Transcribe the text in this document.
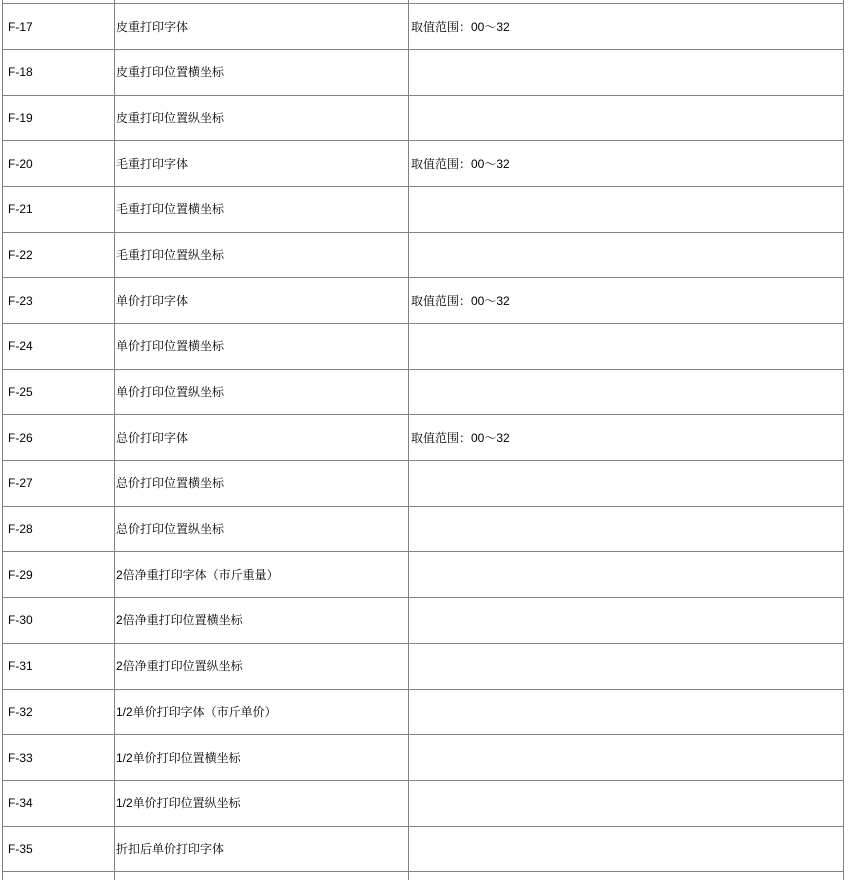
F-17	皮重打印字体	取值范围：00～32
F-18	皮重打印位置横坐标	
F-19	皮重打印位置纵坐标	
F-20	毛重打印字体	取值范围：00～32
F-21	毛重打印位置横坐标	
F-22	毛重打印位置纵坐标	
F-23	单价打印字体	取值范围：00～32
F-24	单价打印位置横坐标	
F-25	单价打印位置纵坐标	
F-26	总价打印字体	取值范围：00～32
F-27	总价打印位置横坐标	
F-28	总价打印位置纵坐标	
F-29	2倍净重打印字体（市斤重量）	
F-30	2倍净重打印位置横坐标	
F-31	2倍净重打印位置纵坐标	
F-32	1/2单价打印字体（市斤单价）	
F-33	1/2单价打印位置横坐标	
F-34	1/2单价打印位置纵坐标	
F-35	折扣后单价打印字体	
